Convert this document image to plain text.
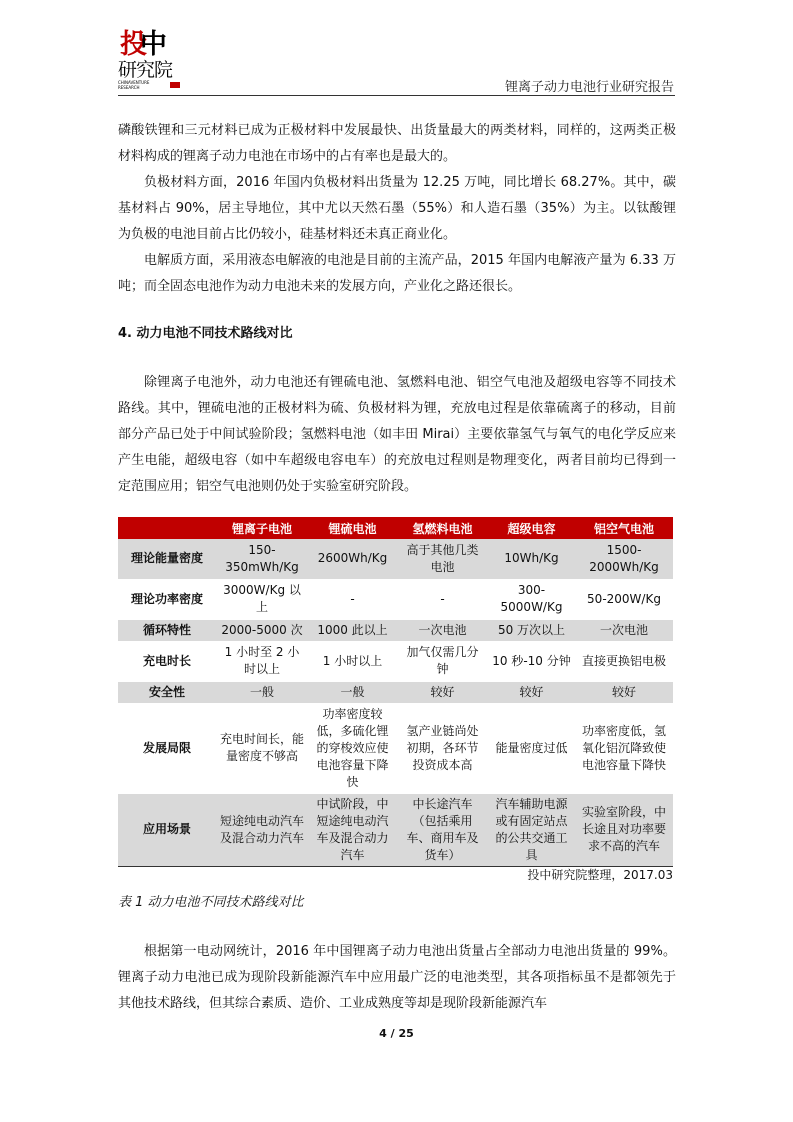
投
中
研究院
CHINAVENTURE RESEARCH	锂离子动力电池行业研究报告

磷酸铁锂和三元材料已成为正极材料中发展最快、出货量最大的两类材料，同样的，这两类正极材料构成的锂离子动力电池在市场中的占有率也是最大的。

负极材料方面，2016 年国内负极材料出货量为 12.25 万吨，同比增长 68.27%。其中，碳基材料占 90%，居主导地位，其中尤以天然石墨（55%）和人造石墨（35%）为主。以钛酸锂为负极的电池目前占比仍较小，硅基材料还未真正商业化。

电解质方面，采用液态电解液的电池是目前的主流产品，2015 年国内电解液产量为 6.33 万吨；而全固态电池作为动力电池未来的发展方向，产业化之路还很长。

4. 动力电池不同技术路线对比

除锂离子电池外，动力电池还有锂硫电池、氢燃料电池、铝空气电池及超级电容等不同技术路线。其中，锂硫电池的正极材料为硫、负极材料为锂，充放电过程是依靠硫离子的移动，目前部分产品已处于中间试验阶段；氢燃料电池（如丰田 Mirai）主要依靠氢气与氧气的电化学反应来产生电能，超级电容（如中车超级电容电车）的充放电过程则是物理变化，两者目前均已得到一定范围应用；铝空气电池则仍处于实验室研究阶段。

	锂离子电池	锂硫电池	氢燃料电池	超级电容	铝空气电池
理论能量密度	150-350mWh/Kg	2600Wh/Kg	高于其他几类电池	10Wh/Kg	1500-2000Wh/Kg
理论功率密度	3000W/Kg 以上	-	-	300-5000W/Kg	50-200W/Kg
循环特性	2000-5000 次	1000 此以上	一次电池	50 万次以上	一次电池
充电时长	1 小时至 2 小时以上	1 小时以上	加气仅需几分钟	10 秒-10 分钟	直接更换铝电极
安全性	一般	一般	较好	较好	较好
发展局限	充电时间长，能量密度不够高	功率密度较低，多硫化锂的穿梭效应使电池容量下降快	氢产业链尚处初期，各环节投资成本高	能量密度过低	功率密度低，氢氧化铝沉降致使电池容量下降快
应用场景	短途纯电动汽车及混合动力汽车	中试阶段，中短途纯电动汽车及混合动力汽车	中长途汽车（包括乘用车、商用车及货车）	汽车辅助电源或有固定站点的公共交通工具	实验室阶段，中长途且对功率要求不高的汽车
投中研究院整理，2017.03
表 1 动力电池不同技术路线对比

根据第一电动网统计，2016 年中国锂离子动力电池出货量占全部动力电池出货量的 99%。锂离子动力电池已成为现阶段新能源汽车中应用最广泛的电池类型，其各项指标虽不是都领先于其他技术路线，但其综合素质、造价、工业成熟度等却是现阶段新能源汽车

4 / 25
